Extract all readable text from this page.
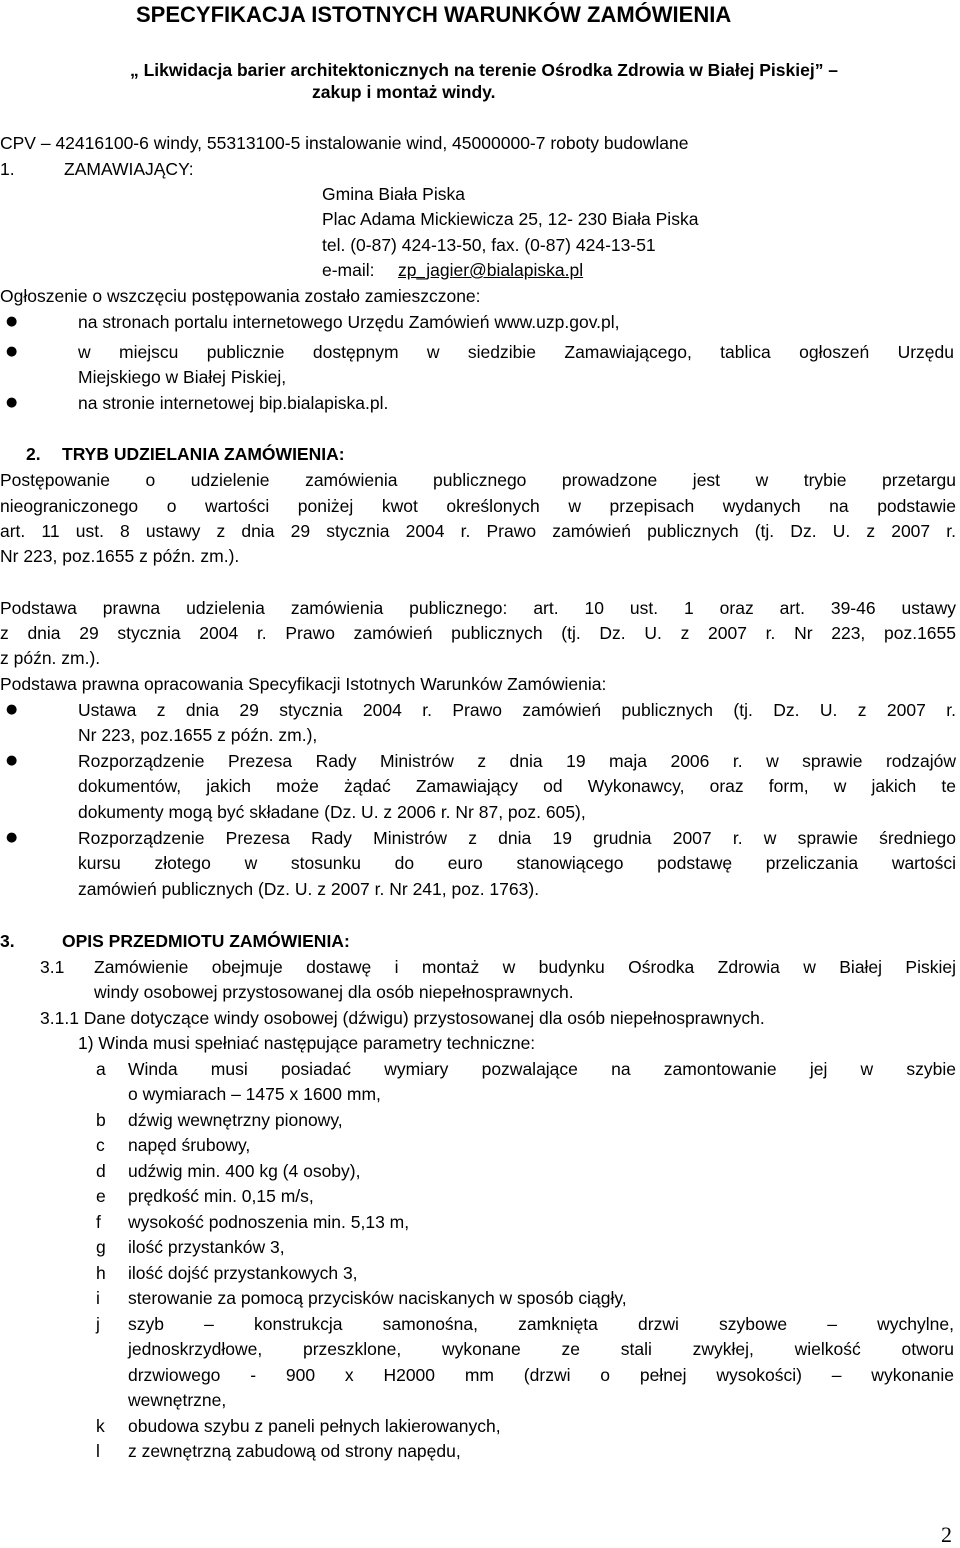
SPECYFIKACJA ISTOTNYCH WARUNKÓW ZAMÓWIENIA
„ Likwidacja barier architektonicznych na terenie Ośrodka Zdrowia w Białej Piskiej” –
zakup i montaż windy.
CPV – 42416100-6 windy, 55313100-5 instalowanie wind, 45000000-7 roboty budowlane
1.	ZAMAWIAJĄCY:
Gmina Biała Piska
Plac Adama Mickiewicza 25, 12- 230 Biała Piska
tel. (0-87) 424-13-50, fax. (0-87) 424-13-51
e-mail: zp_jagier@bialapiska.pl
Ogłoszenie o wszczęciu postępowania zostało zamieszczone:
●	na stronach portalu internetowego Urzędu Zamówień www.uzp.gov.pl,
●	w miejscu publicznie dostępnym w siedzibie Zamawiającego, tablica ogłoszeń Urzędu
Miejskiego w Białej Piskiej,
●	na stronie internetowej bip.bialapiska.pl.
2. TRYB UDZIELANIA ZAMÓWIENIA:
Postępowanie o udzielenie zamówienia publicznego prowadzone jest w trybie przetargu
nieograniczonego o wartości poniżej kwot określonych w przepisach wydanych na podstawie
art. 11 ust. 8 ustawy z dnia 29 stycznia 2004 r. Prawo zamówień publicznych (tj. Dz. U. z 2007 r.
Nr 223, poz.1655 z późn. zm.).
Podstawa prawna udzielenia zamówienia publicznego: art. 10 ust. 1 oraz art. 39-46 ustawy
z dnia 29 stycznia 2004 r. Prawo zamówień publicznych (tj. Dz. U. z 2007 r. Nr 223, poz.1655
z późn. zm.).
Podstawa prawna opracowania Specyfikacji Istotnych Warunków Zamówienia:
●	Ustawa z dnia 29 stycznia 2004 r. Prawo zamówień publicznych (tj. Dz. U. z 2007 r.
Nr 223, poz.1655 z późn. zm.),
●	Rozporządzenie Prezesa Rady Ministrów z dnia 19 maja 2006 r. w sprawie rodzajów
dokumentów, jakich może żądać Zamawiający od Wykonawcy, oraz form, w jakich te
dokumenty mogą być składane (Dz. U. z 2006 r. Nr 87, poz. 605),
●	Rozporządzenie Prezesa Rady Ministrów z dnia 19 grudnia 2007 r. w sprawie średniego
kursu złotego w stosunku do euro stanowiącego podstawę przeliczania wartości
zamówień publicznych (Dz. U. z 2007 r. Nr 241, poz. 1763).
3.	OPIS PRZEDMIOTU ZAMÓWIENIA:
3.1 Zamówienie obejmuje dostawę i montaż w budynku Ośrodka Zdrowia w Białej Piskiej
windy osobowej przystosowanej dla osób niepełnosprawnych.
3.1.1 Dane dotyczące windy osobowej (dźwigu) przystosowanej dla osób niepełnosprawnych.
1) Winda musi spełniać następujące parametry techniczne:
a Winda musi posiadać wymiary pozwalające na zamontowanie jej w szybie
o wymiarach – 1475 x 1600 mm,
b dźwig wewnętrzny pionowy,
c napęd śrubowy,
d udźwig min. 400 kg (4 osoby),
e prędkość min. 0,15 m/s,
f wysokość podnoszenia min. 5,13 m,
g ilość przystanków 3,
h ilość dojść przystankowych 3,
i sterowanie za pomocą przycisków naciskanych w sposób ciągły,
j szyb – konstrukcja samonośna, zamknięta drzwi szybowe – wychylne,
jednoskrzydłowe, przeszklone, wykonane ze stali zwykłej, wielkość otworu
drzwiowego - 900 x H2000 mm (drzwi o pełnej wysokości) – wykonanie
wewnętrzne,
k obudowa szybu z paneli pełnych lakierowanych,
l z zewnętrzną zabudową od strony napędu,
2
